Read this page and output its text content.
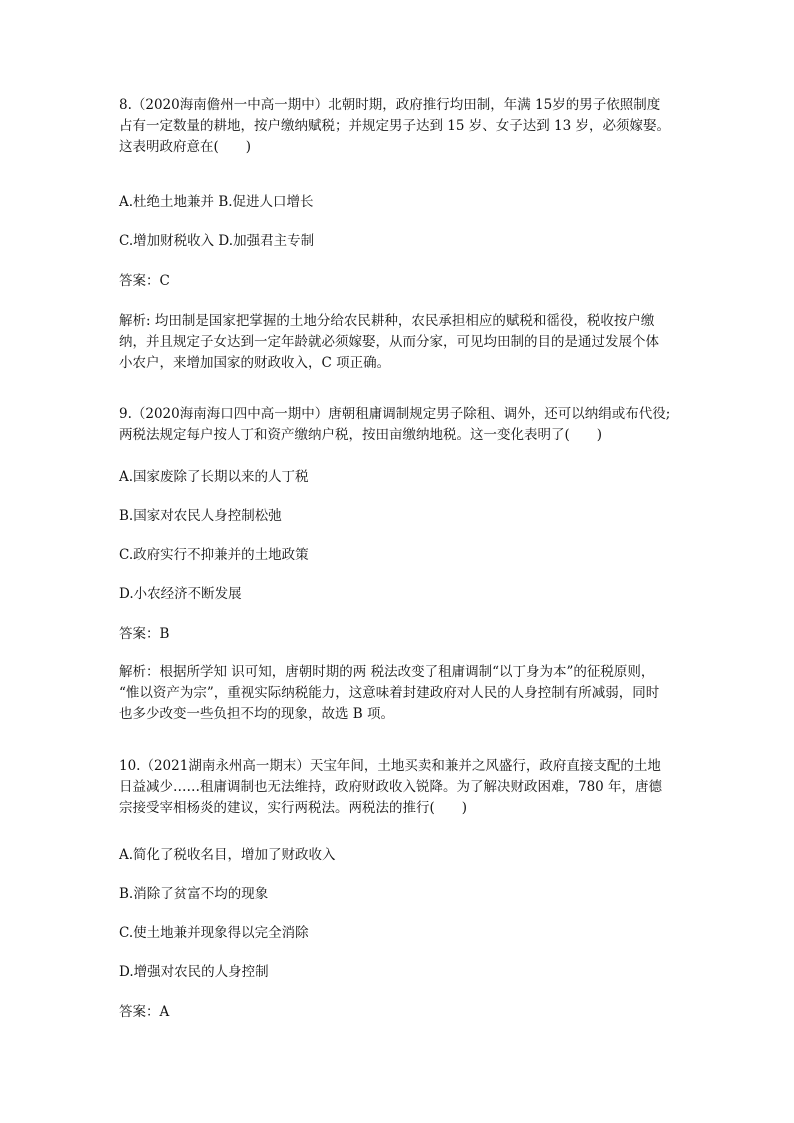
8.（2020海南儋州一中高一期中）北朝时期，政府推行均田制，年满 15岁的男子依照制度
占有一定数量的耕地，按户缴纳赋税；并规定男子达到 15 岁、女子达到 13 岁，必须嫁娶。
这表明政府意在(　　)

A.杜绝土地兼并 B.促进人口增长

C.增加财税收入 D.加强君主专制

答案：C

解析: 均田制是国家把掌握的土地分给农民耕种，农民承担相应的赋税和徭役，税收按户缴
纳，并且规定子女达到一定年龄就必须嫁娶，从而分家，可见均田制的目的是通过发展个体
小农户，来增加国家的财政收入，C 项正确。

9.（2020海南海口四中高一期中）唐朝租庸调制规定男子除租、调外，还可以纳绢或布代役;
两税法规定每户按人丁和资产缴纳户税，按田亩缴纳地税。这一变化表明了(　　)

A.国家废除了长期以来的人丁税

B.国家对农民人身控制松弛

C.政府实行不抑兼并的土地政策

D.小农经济不断发展

答案：B

解析：根据所学知 识可知，唐朝时期的两 税法改变了租庸调制“以丁身为本”的征税原则，
“惟以资产为宗”，重视实际纳税能力，这意味着封建政府对人民的人身控制有所减弱，同时
也多少改变一些负担不均的现象，故选 B 项。

10.（2021湖南永州高一期末）天宝年间，土地买卖和兼并之风盛行，政府直接支配的土地
日益减少……租庸调制也无法维持，政府财政收入锐降。为了解决财政困难，780 年，唐德
宗接受宰相杨炎的建议，实行两税法。两税法的推行(　　)

A.简化了税收名目，增加了财政收入

B.消除了贫富不均的现象

C.使土地兼并现象得以完全消除

D.增强对农民的人身控制

答案：A
